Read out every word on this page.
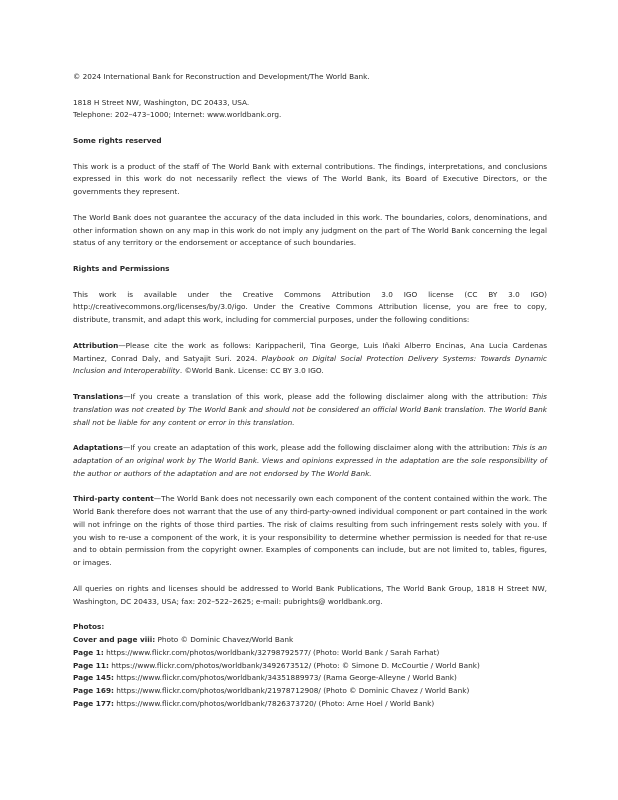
© 2024 International Bank for Reconstruction and Development/The World Bank.

1818 H Street NW, Washington, DC 20433, USA.

Telephone: 202–473–1000; Internet: www.worldbank.org.

Some rights reserved

This work is a product of the staff of The World Bank with external contributions. The findings, interpretations, and conclusions expressed in this work do not necessarily reflect the views of The World Bank, its Board of Executive Directors, or the governments they represent.

The World Bank does not guarantee the accuracy of the data included in this work. The boundaries, colors, denominations, and other information shown on any map in this work do not imply any judgment on the part of The World Bank concerning the legal status of any territory or the endorsement or acceptance of such boundaries.

Rights and Permissions

This work is available under the Creative Commons Attribution 3.0 IGO license (CC BY 3.0 IGO) http://creativecommons.org/licenses/by/3.0/igo. Under the Creative Commons Attribution license, you are free to copy, distribute, transmit, and adapt this work, including for commercial purposes, under the following conditions:

Attribution—Please cite the work as follows: Karippacheril, Tina George, Luis Iñaki Alberro Encinas, Ana Lucia Cardenas Martinez, Conrad Daly, and Satyajit Suri. 2024. Playbook on Digital Social Protection Delivery Systems: Towards Dynamic Inclusion and Interoperability. ©World Bank. License: CC BY 3.0 IGO.

Translations—If you create a translation of this work, please add the following disclaimer along with the attribution: This translation was not created by The World Bank and should not be considered an official World Bank translation. The World Bank shall not be liable for any content or error in this translation.

Adaptations—If you create an adaptation of this work, please add the following disclaimer along with the attribution: This is an adaptation of an original work by The World Bank. Views and opinions expressed in the adaptation are the sole responsibility of the author or authors of the adaptation and are not endorsed by The World Bank.

Third-party content—The World Bank does not necessarily own each component of the content contained within the work. The World Bank therefore does not warrant that the use of any third-party-owned individual component or part contained in the work will not infringe on the rights of those third parties. The risk of claims resulting from such infringement rests solely with you. If you wish to re-use a component of the work, it is your responsibility to determine whether permission is needed for that re-use and to obtain permission from the copyright owner. Examples of components can include, but are not limited to, tables, figures, or images.

All queries on rights and licenses should be addressed to World Bank Publications, The World Bank Group, 1818 H Street NW, Washington, DC 20433, USA; fax: 202–522–2625; e-mail: pubrights@ worldbank.org.

Photos:

Cover and page viii: Photo © Dominic Chavez/World Bank

Page 1: https://www.flickr.com/photos/worldbank/32798792577/ (Photo: World Bank / Sarah Farhat)

Page 11: https://www.flickr.com/photos/worldbank/3492673512/ (Photo: © Simone D. McCourtie / World Bank)

Page 145: https://www.flickr.com/photos/worldbank/34351889973/ (Rama George-Alleyne / World Bank)

Page 169: https://www.flickr.com/photos/worldbank/21978712908/ (Photo © Dominic Chavez / World Bank)

Page 177: https://www.flickr.com/photos/worldbank/7826373720/ (Photo: Arne Hoel / World Bank)
